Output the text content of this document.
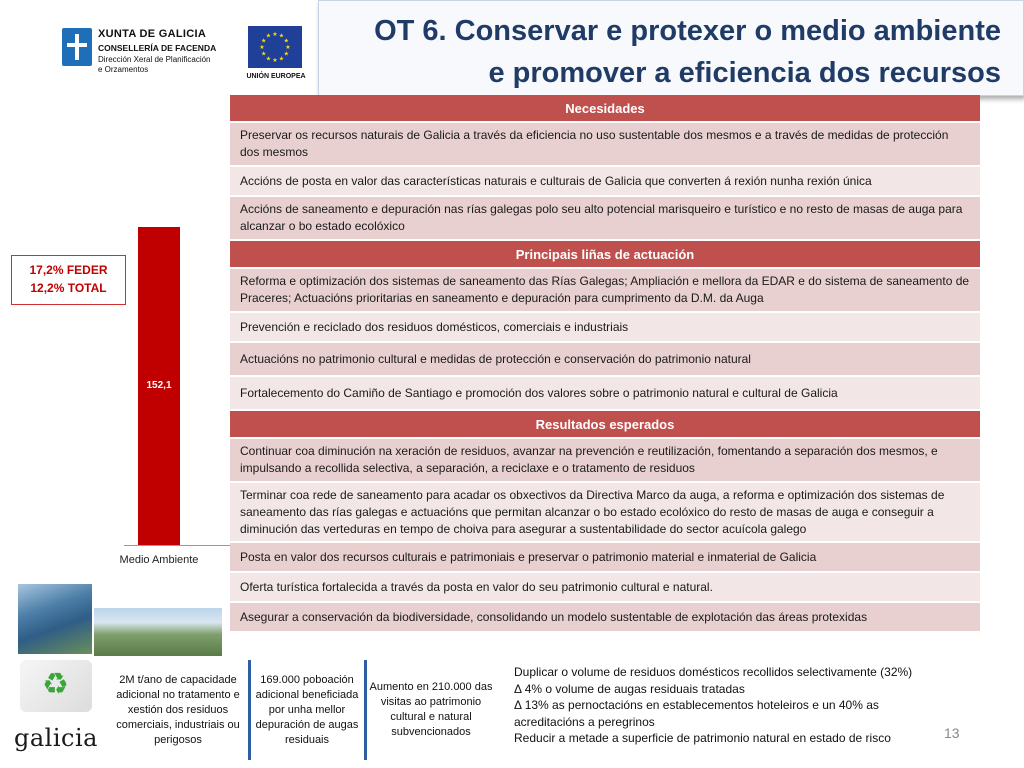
XUNTA DE GALICIA
CONSELLERÍA DE FACENDA
Dirección Xeral de Planificación
e Orzamentos
★ ★
★
★
★
★
★
★
★
★
★
★
UNIÓN EUROPEA
OT 6. Conservar e protexer o medio ambiente
e promover a eficiencia dos recursos
17,2% FEDER
12,2% TOTAL
152,1
Medio Ambiente
Necesidades
Preservar os recursos naturais de Galicia a través da eficiencia no uso sustentable dos mesmos e a través de medidas de protección dos mesmos
Accións de posta en valor das características naturais e culturais de Galicia que converten á rexión nunha rexión única
Accións de saneamento e depuración nas rías galegas polo seu alto potencial marisqueiro e turístico e no resto de masas de auga para alcanzar o bo estado ecolóxico
Principais liñas de actuación
Reforma e optimización dos sistemas de saneamento das Rías Galegas; Ampliación e mellora da EDAR e do sistema de saneamento de Praceres; Actuacións prioritarias en saneamento e depuración para cumprimento da D.M. da Auga
Prevención e reciclado dos residuos domésticos, comerciais e industriais
Actuacións no patrimonio cultural e medidas de protección e conservación do patrimonio natural
Fortalecemento do Camiño de Santiago e promoción dos valores sobre o patrimonio natural e cultural de Galicia
Resultados esperados
Continuar coa diminución na xeración de residuos, avanzar na prevención e reutilización, fomentando a separación dos mesmos, e impulsando a recollida selectiva, a separación, a reciclaxe e o tratamento de residuos
Terminar coa rede de saneamento para acadar os obxectivos da Directiva Marco da auga, a reforma e optimización dos sistemas de saneamento das rías galegas e actuacións que permitan alcanzar o bo estado ecolóxico do resto de masas de auga e conseguir a diminución das verteduras en tempo de choiva para asegurar a sustentabilidade do sector acuícola galego
Posta en valor dos recursos culturais e patrimoniais e preservar o patrimonio material e inmaterial de Galicia
Oferta turística fortalecida a través da posta en valor do seu patrimonio cultural e natural.
Asegurar a conservación da biodiversidade, consolidando un modelo sustentable de explotación das áreas protexidas
♻
galicia
2M t/ano de capacidade adicional no tratamento e xestión dos residuos comerciais, industriais ou perigosos
169.000 poboación adicional beneficiada por unha mellor depuración de augas residuais
Aumento en 210.000 das visitas ao patrimonio cultural e natural subvencionados
Duplicar o volume de residuos domésticos recollidos selectivamente (32%)
Δ 4% o volume de augas residuais tratadas
Δ 13% as pernoctacións en establecementos hoteleiros e un 40% as acreditacións a peregrinos
Reducir a metade a superficie de patrimonio natural en estado de risco	13
